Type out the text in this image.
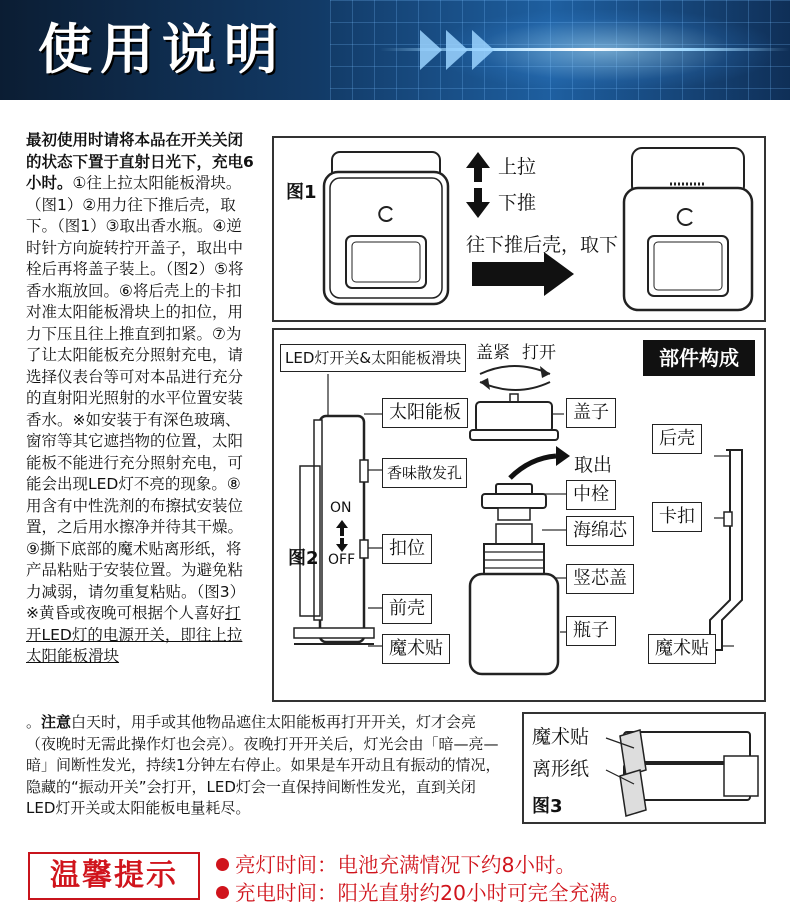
使用说明
最初使用时请将本品在开关关闭的状态下置于直射日光下，充电6小时。①往上拉太阳能板滑块。（图1）②用力往下推后壳，取下。（图1）③取出香水瓶。④逆时针方向旋转拧开盖子，取出中栓后再将盖子装上。（图2）⑤将香水瓶放回。⑥将后壳上的卡扣对准太阳能板滑块上的扣位，用力下压且往上推直到扣紧。⑦为了让太阳能板充分照射充电，请选择仪表台等可对本品进行充分的直射阳光照射的水平位置安装香水。※如安装于有深色玻璃、窗帘等其它遮挡物的位置，太阳能板不能进行充分照射充电，可能会出现LED灯不亮的现象。⑧用含有中性洗剂的布擦拭安装位置，之后用水擦净并待其干燥。⑨撕下底部的魔术贴离形纸，将产品粘贴于安装位置。为避免粘力减弱，请勿重复粘贴。（图3）※黄昏或夜晚可根据个人喜好打开LED灯的电源开关，即往上拉太阳能板滑块
。注意白天时，用手或其他物品遮住太阳能板再打开开关，灯才会亮（夜晚时无需此操作灯也会亮）。夜晚打开开关后，灯光会由「暗—亮—暗」间断性发光，持续1分钟左右停止。如果是车开动且有振动的情况，隐藏的“振动开关”会打开，LED灯会一直保持间断性发光，直到关闭LED灯开关或太阳能板电量耗尽。
图1
上拉
下推
往下推后壳，取下
部件构成
图2
LED灯开关&太阳能板滑块 盖紧 打开
太阳能板	盖子
后壳
取出
香味散发孔
中栓
卡扣
ON
OFF
海绵芯
扣位
竖芯盖
前壳
瓶子
魔术贴	魔术贴
魔术贴
离形纸
图3
温馨提示	亮灯时间：电池充满情况下约8小时。
充电时间：阳光直射约20小时可完全充满。
